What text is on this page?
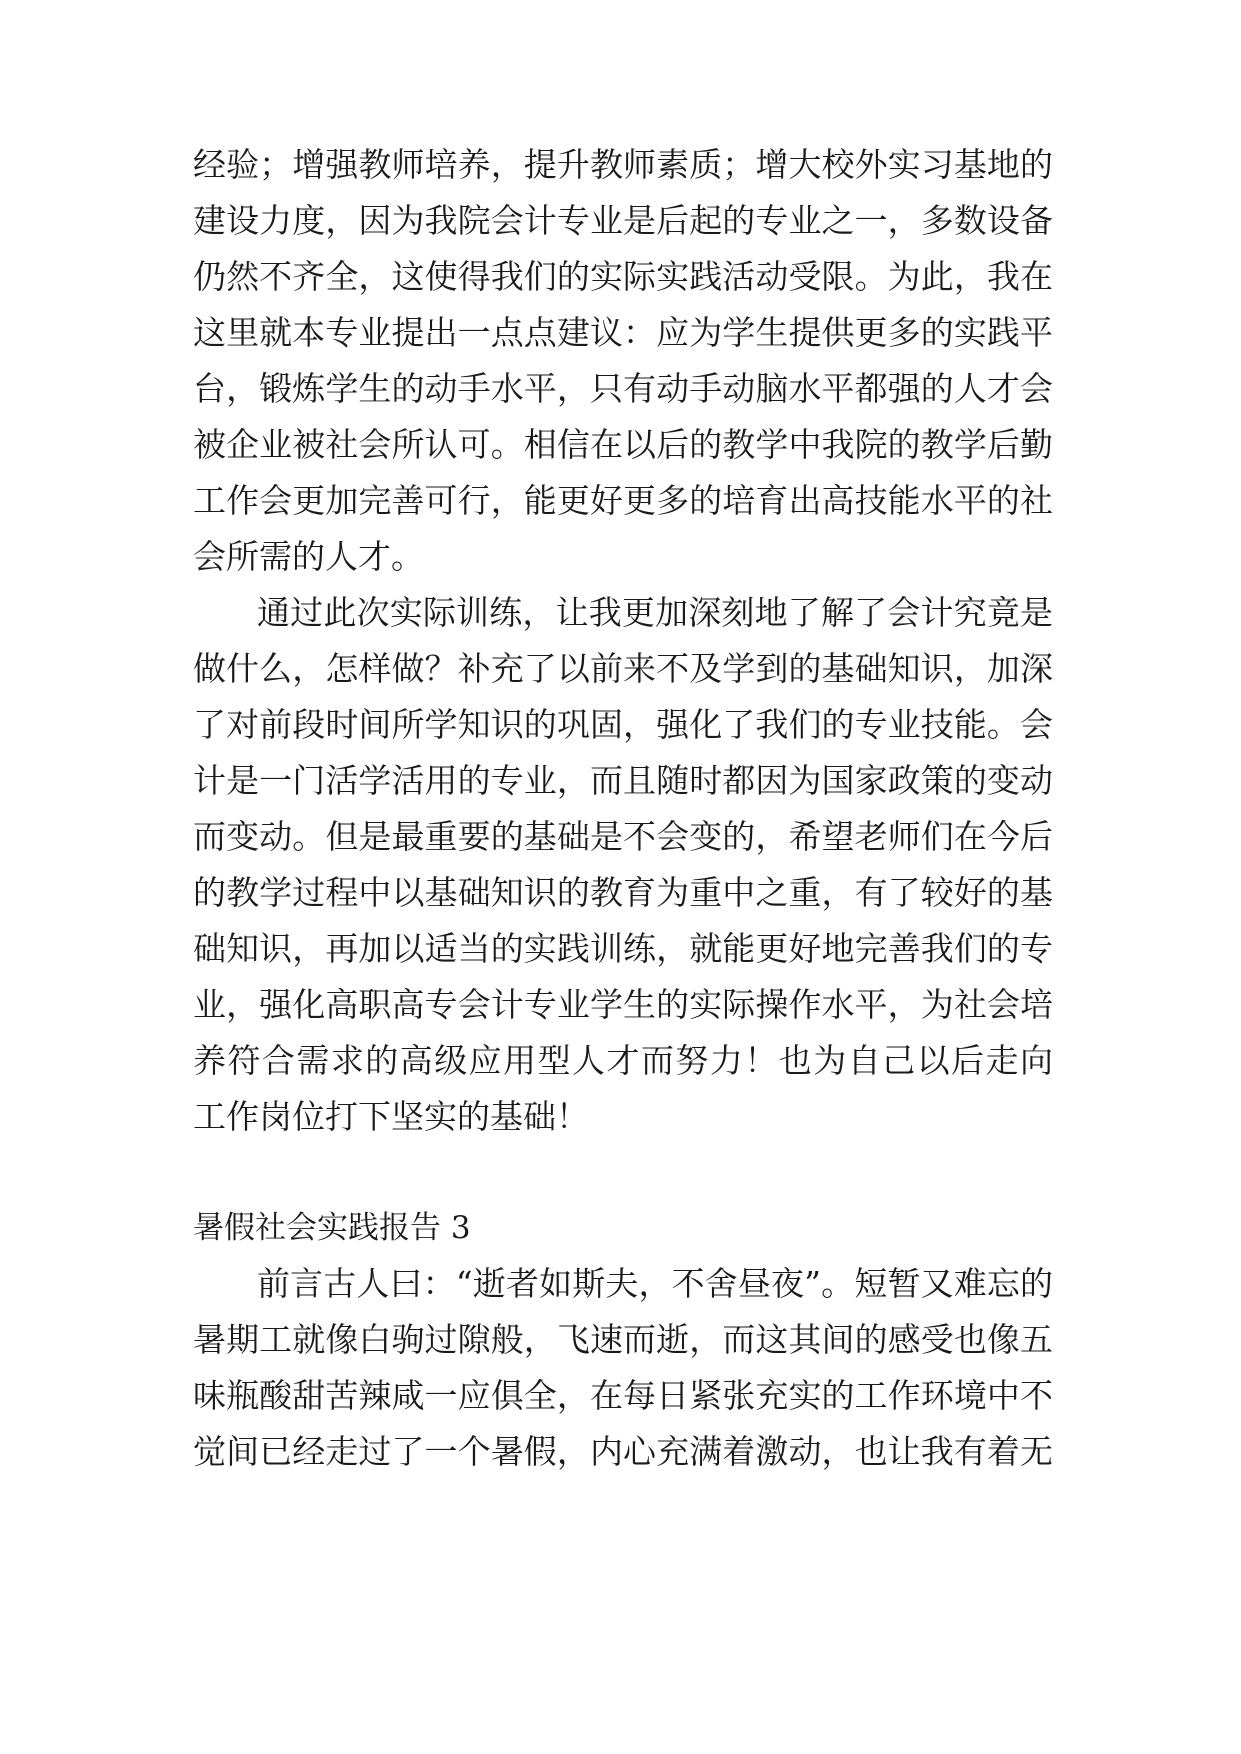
经验；增强教师培养，提升教师素质；增大校外实习基地的
建设力度，因为我院会计专业是后起的专业之一，多数设备
仍然不齐全，这使得我们的实际实践活动受限。为此，我在
这里就本专业提出一点点建议：应为学生提供更多的实践平
台，锻炼学生的动手水平，只有动手动脑水平都强的人才会
被企业被社会所认可。相信在以后的教学中我院的教学后勤
工作会更加完善可行，能更好更多的培育出高技能水平的社
会所需的人才。
通过此次实际训练，让我更加深刻地了解了会计究竟是
做什么，怎样做？补充了以前来不及学到的基础知识，加深
了对前段时间所学知识的巩固，强化了我们的专业技能。会
计是一门活学活用的专业，而且随时都因为国家政策的变动
而变动。但是最重要的基础是不会变的，希望老师们在今后
的教学过程中以基础知识的教育为重中之重，有了较好的基
础知识，再加以适当的实践训练，就能更好地完善我们的专
业，强化高职高专会计专业学生的实际操作水平，为社会培
养符合需求的高级应用型人才而努力！也为自己以后走向
工作岗位打下坚实的基础！
暑假社会实践报告 3
前言古人曰：“逝者如斯夫，不舍昼夜”。短暂又难忘的
暑期工就像白驹过隙般，飞速而逝，而这其间的感受也像五
味瓶酸甜苦辣咸一应俱全，在每日紧张充实的工作环境中不
觉间已经走过了一个暑假，内心充满着激动，也让我有着无
